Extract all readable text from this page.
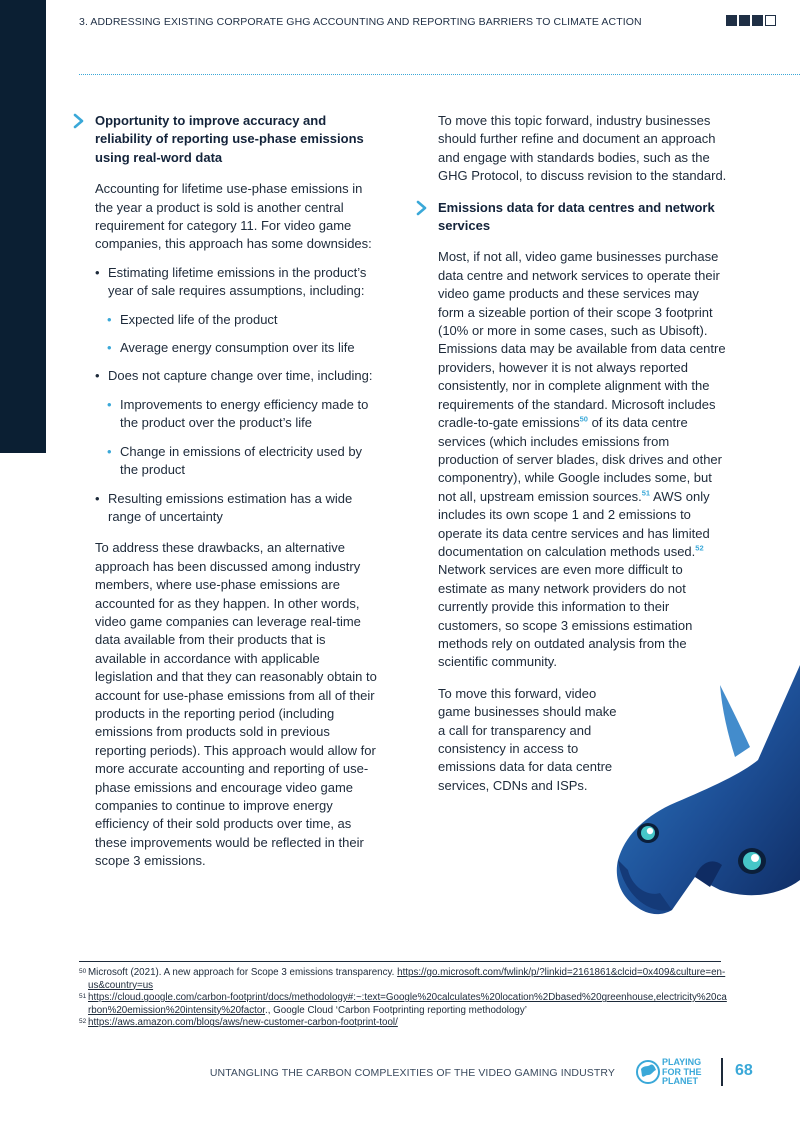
3. ADDRESSING EXISTING CORPORATE GHG ACCOUNTING AND REPORTING BARRIERS TO CLIMATE ACTION

Opportunity to improve accuracy and reliability of reporting use-phase emissions using real-word data

Accounting for lifetime use-phase emissions in the year a product is sold is another central requirement for category 11. For video game companies, this approach has some downsides:

• Estimating lifetime emissions in the product’s year of sale requires assumptions, including:
• Expected life of the product
• Average energy consumption over its life
• Does not capture change over time, including:
• Improvements to energy efficiency made to the product over the product’s life
• Change in emissions of electricity used by the product
• Resulting emissions estimation has a wide range of uncertainty

To address these drawbacks, an alternative approach has been discussed among industry members, where use-phase emissions are accounted for as they happen. In other words, video game companies can leverage real-time data available from their products that is available in accordance with applicable legislation and that they can reasonably obtain to account for use-phase emissions from all of their products in the reporting period (including emissions from products sold in previous reporting periods). This approach would allow for more accurate accounting and reporting of use-phase emissions and encourage video game companies to continue to improve energy efficiency of their sold products over time, as these improvements would be reflected in their scope 3 emissions.

To move this topic forward, industry businesses should further refine and document an approach and engage with standards bodies, such as the GHG Protocol, to discuss revision to the standard.

Emissions data for data centres and network services

Most, if not all, video game businesses purchase data centre and network services to operate their video game products and these services may form a sizeable portion of their scope 3 footprint (10% or more in some cases, such as Ubisoft). Emissions data may be available from data centre providers, however it is not always reported consistently, nor in complete alignment with the requirements of the standard. Microsoft includes cradle-to-gate emissions$^{50}$ of its data centre services (which includes emissions from production of server blades, disk drives and other componentry), while Google includes some, but not all, upstream emission sources.$^{51}$ AWS only includes its own scope 1 and 2 emissions to operate its data centre services and has limited documentation on calculation methods used.$^{52}$ Network services are even more difficult to estimate as many network providers do not currently provide this information to their customers, so scope 3 emissions estimation methods rely on outdated analysis from the scientific community.

To move this forward, video game businesses should make a call for transparency and consistency in access to emissions data for data centre services, CDNs and ISPs.

50 Microsoft (2021). A new approach for Scope 3 emissions transparency. https://go.microsoft.com/fwlink/p/?linkid=2161861&clcid=0x409&culture=en-us&country=us
51 https://cloud.google.com/carbon-footprint/docs/methodology#:~:text=Google%20calculates%20location%2Dbased%20greenhouse,electricity%20carbon%20emission%20intensity%20factor., Google Cloud ‘Carbon Footprinting reporting methodology’
52 https://aws.amazon.com/blogs/aws/new-customer-carbon-footprint-tool/
UNTANGLING THE CARBON COMPLEXITIES OF THE VIDEO GAMING INDUSTRY
PLAYING
FOR THE
PLANET
68
